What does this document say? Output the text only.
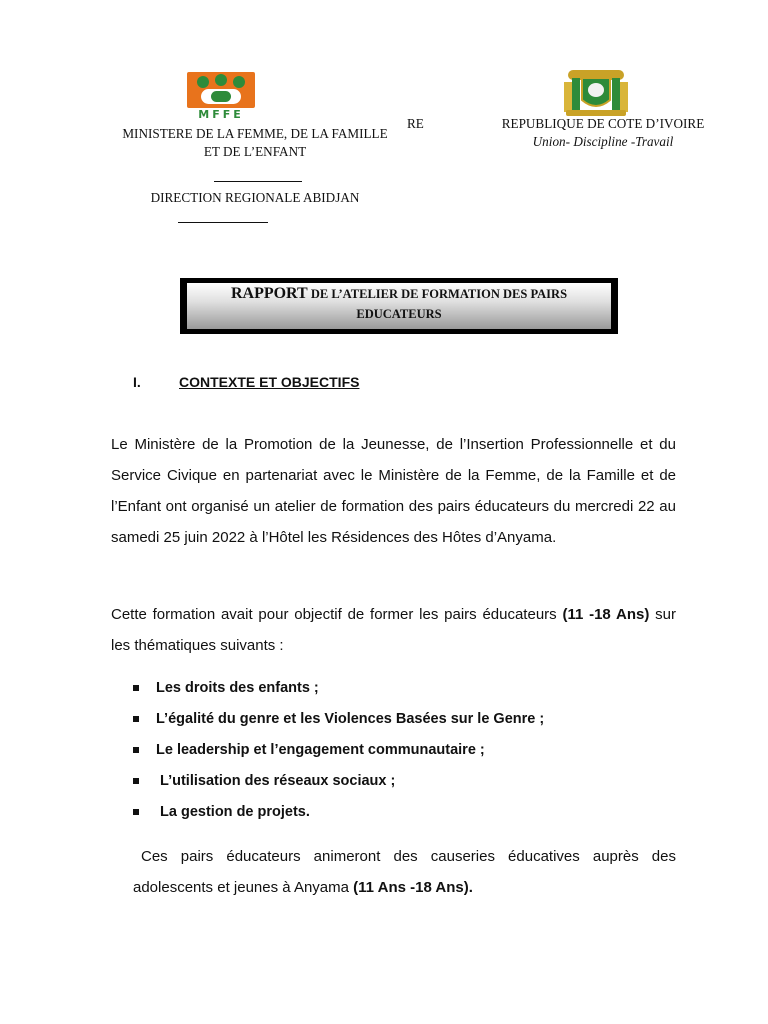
MFFE
MINISTERE DE LA FEMME, DE LA FAMILLE
ET DE L’ENFANT
DIRECTION REGIONALE ABIDJAN
RE	REPUBLIQUE DE COTE D’IVOIRE
Union- Discipline -Travail
RAPPORT DE L’ATELIER DE FORMATION DES PAIRS
EDUCATEURS
I.	CONTEXTE ET OBJECTIFS
Le Ministère de la Promotion de la Jeunesse, de l’Insertion Professionnelle et du Service Civique en partenariat avec le Ministère de la Femme, de la Famille et de l’Enfant ont organisé un atelier de formation des pairs éducateurs du mercredi 22 au samedi 25 juin 2022 à l’Hôtel les Résidences des Hôtes d’Anyama.
Cette formation avait pour objectif de former les pairs éducateurs (11 -18 Ans) sur les thématiques suivants :
Les droits des enfants ;
L’égalité du genre et les Violences Basées sur le Genre ;
Le leadership et l’engagement communautaire ;
L’utilisation des réseaux sociaux ;
La gestion de projets.
Ces pairs éducateurs animeront des causeries éducatives auprès des adolescents et jeunes à Anyama (11 Ans -18 Ans).
